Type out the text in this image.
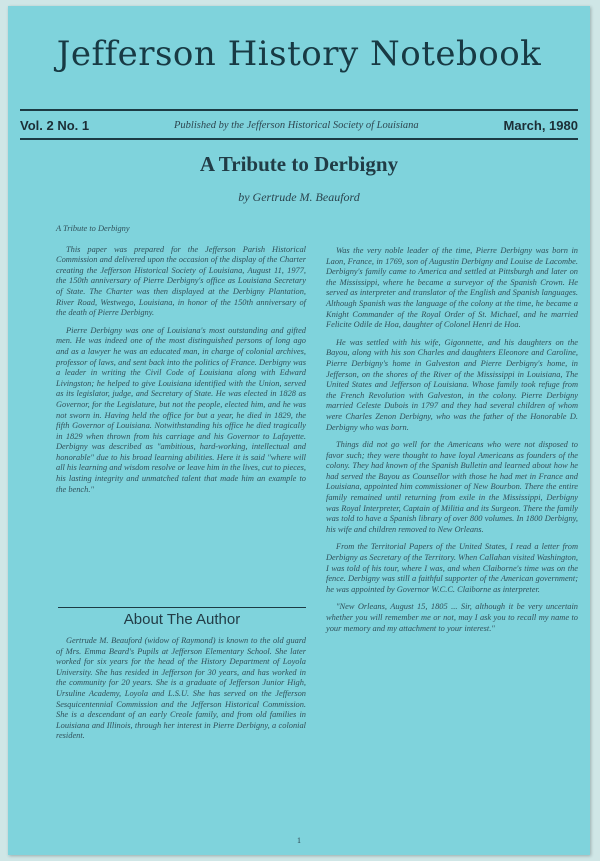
Jefferson History Notebook
Vol. 2 No. 1	Published by the Jefferson Historical Society of Louisiana	March, 1980
A Tribute to Derbigny
by Gertrude M. Beauford

A Tribute to Derbigny

This paper was prepared for the Jefferson Parish Historical Commission and delivered upon the occasion of the display of the Charter creating the Jefferson Historical Society of Louisiana, August 11, 1977, the 150th anniversary of Pierre Derbigny's office as Louisiana Secretary of State. The Charter was then displayed at the Derbigny Plantation, River Road, Westwego, Louisiana, in honor of the 150th anniversary of the death of Pierre Derbigny.

Pierre Derbigny was one of Louisiana's most outstanding and gifted men. He was indeed one of the most distinguished persons of long ago and as a lawyer he was an educated man, in charge of colonial archives, professor of laws, and sent back into the politics of France. Derbigny was a leader in writing the Civil Code of Louisiana along with Edward Livingston; he helped to give Louisiana identified with the Union, served as its legislator, judge, and Secretary of State. He was elected in 1828 as Governor, for the Legislature, but not the people, elected him, and he was not sworn in. Having held the office for but a year, he died in 1829, the fifth Governor of Louisiana. Notwithstanding his office he died tragically in 1829 when thrown from his carriage and his Governor to Lafayette. Derbigny was described as "ambitious, hard-working, intellectual and honorable" due to his broad learning abilities. Here it is said "where will all his learning and wisdom resolve or leave him in the lives, cut to pieces, his lasting integrity and unmatched talent that made him an example to the bench."

About The Author

Gertrude M. Beauford (widow of Raymond) is known to the old guard of Mrs. Emma Beard's Pupils at Jefferson Elementary School. She later worked for six years for the head of the History Department of Loyola University. She has resided in Jefferson for 30 years, and has worked in the community for 20 years. She is a graduate of Jefferson Junior High, Ursuline Academy, Loyola and L.S.U. She has served on the Jefferson Sesquicentennial Commission and the Jefferson Historical Commission. She is a descendant of an early Creole family, and from old families in Louisiana and Illinois, through her interest in Pierre Derbigny, a colonial resident.

Was the very noble leader of the time, Pierre Derbigny was born in Laon, France, in 1769, son of Augustin Derbigny and Louise de Lacombe. Derbigny's family came to America and settled at Pittsburgh and later on the Mississippi, where he became a surveyor of the Spanish Crown. He served as interpreter and translator of the English and Spanish languages. Although Spanish was the language of the colony at the time, he became a Knight Commander of the Royal Order of St. Michael, and he married Felicite Odile de Hoa, daughter of Colonel Henri de Hoa.

He was settled with his wife, Gigonnette, and his daughters on the Bayou, along with his son Charles and daughters Eleonore and Caroline, Pierre Derbigny's home in Galveston and Pierre Derbigny's home, in Jefferson, on the shores of the River of the Mississippi in Louisiana, The United States and Jefferson of Louisiana. Whose family took refuge from the French Revolution with Galveston, in the colony. Pierre Derbigny married Celeste Dubois in 1797 and they had several children of whom were Charles Zenon Derbigny, who was the father of the Honorable D. Derbigny who was born.

Things did not go well for the Americans who were not disposed to favor such; they were thought to have loyal Americans as founders of the colony. They had known of the Spanish Bulletin and learned about how he had served the Bayou as Counsellor with those he had met in France and Louisiana, appointed him commissioner of New Bourbon. There the entire family remained until returning from exile in the Mississippi, Derbigny was Royal Interpreter, Captain of Militia and its Surgeon. There the family was told to have a Spanish library of over 800 volumes. In 1800 Derbigny, his wife and children removed to New Orleans.

From the Territorial Papers of the United States, I read a letter from Derbigny as Secretary of the Territory. When Callahan visited Washington, I was told of his tour, where I was, and when Claiborne's time was on the fence. Derbigny was still a faithful supporter of the American government; he was appointed by Governor W.C.C. Claiborne as interpreter.

"New Orleans, August 15, 1805 ... Sir, although it be very uncertain whether you will remember me or not, may I ask you to recall my name to your memory and my attachment to your interest."

1
